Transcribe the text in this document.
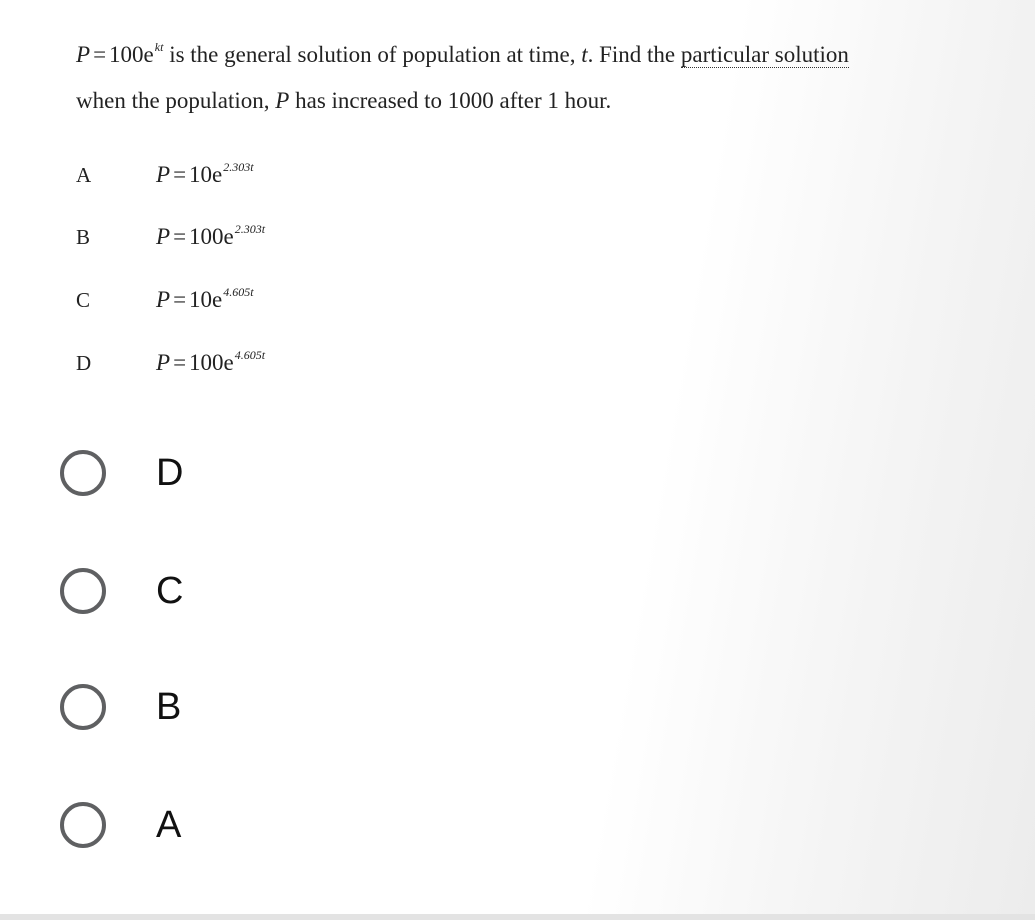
$P = 100e^{kt}$ is the general solution of population at time, t. Find the particular solution
when the population, P has increased to 1000 after 1 hour.
A	$P = 10e^{2.303t}$
B	$P = 100e^{2.303t}$
C	$P = 10e^{4.605t}$
D	$P = 100e^{4.605t}$
D
C
B
A
